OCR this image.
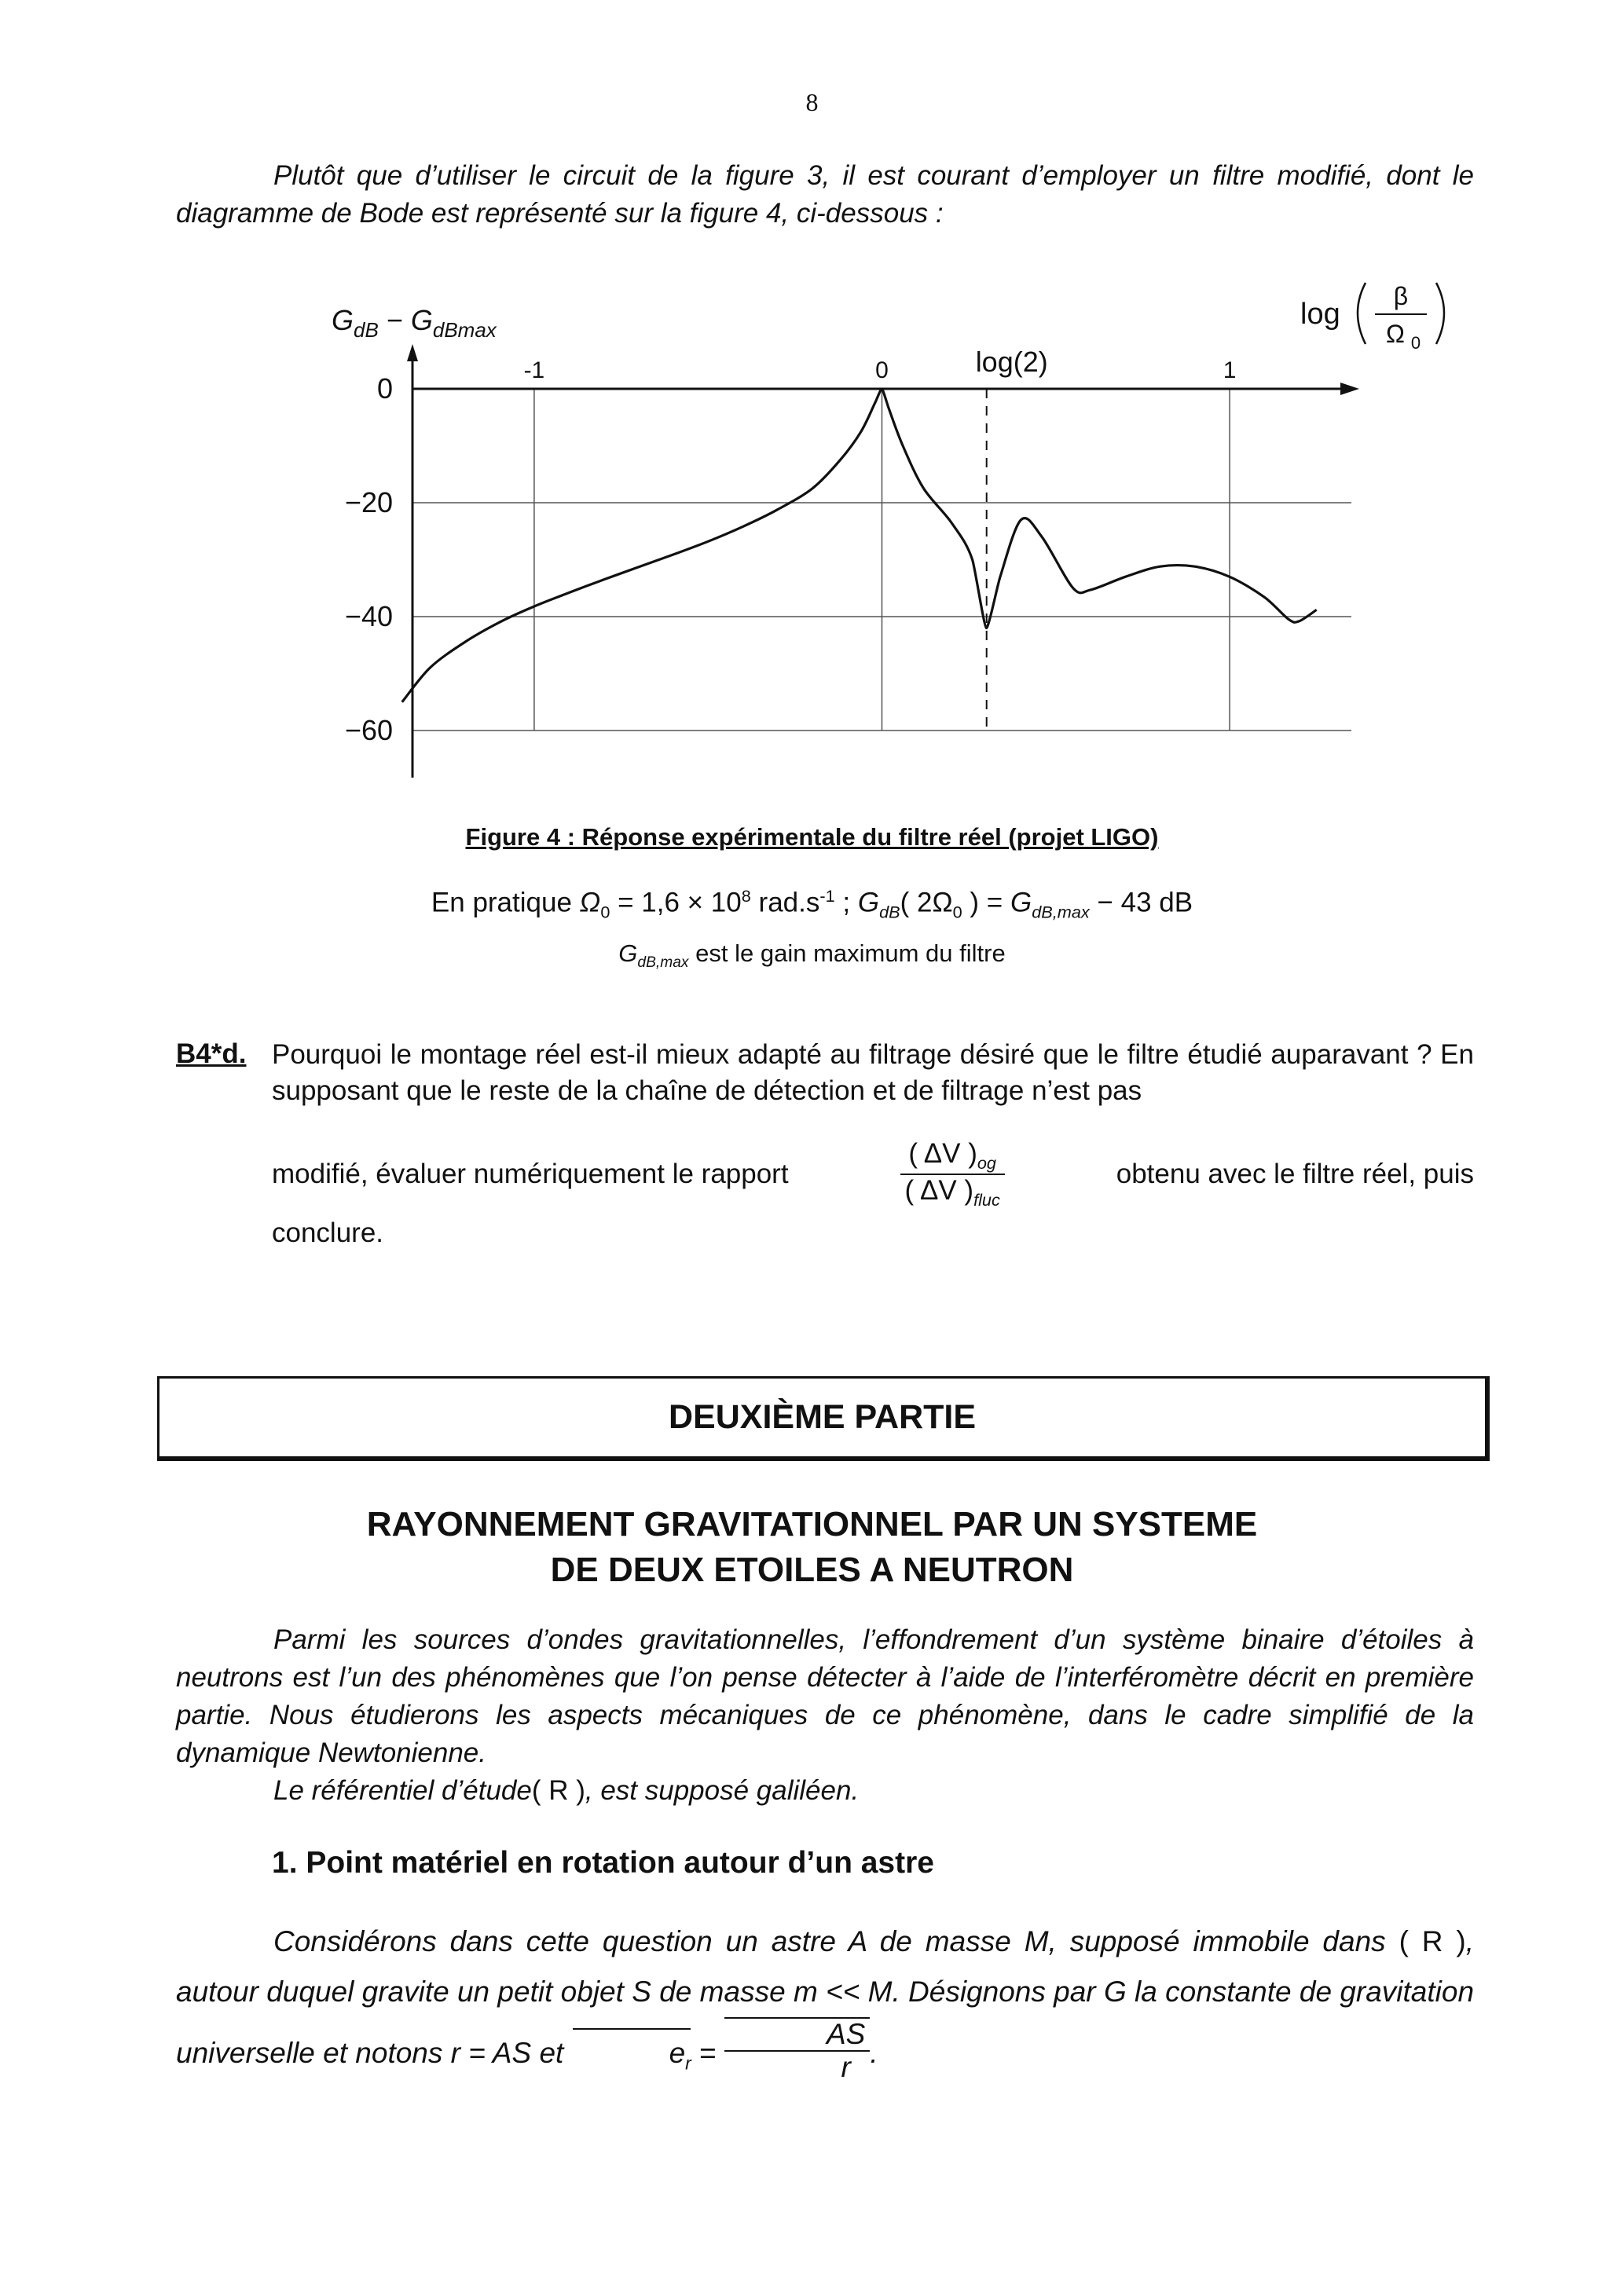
8
Plutôt que d’utiliser le circuit de la figure 3, il est courant d’employer un filtre modifié, dont le diagramme de Bode est représenté sur la figure 4, ci-dessous :
0
−20
−40
−60
-1	0	1
log(2)
$G_{dB} - G_{dBmax}$	log
β
Ω 0
Figure 4 : Réponse expérimentale du filtre réel (projet LIGO)
En pratique $\Omega_0 = 1,6 \times 10^8$ $rad.s^{-1}$ ; $G_{dB}$( $2\Omega_0$ ) = $G_{dB,max} - 43$ dB
$G_{dB,max}$ est le gain maximum du filtre
B4*d. Pourquoi le montage réel est-il mieux adapté au filtrage désiré que le filtre étudié auparavant ? En supposant que le reste de la chaîne de détection et de filtrage n’est pas
modifié, évaluer numériquement le rapport	$\frac{( \Delta V )_{og}}{( \Delta V )_{fluc}}$	obtenu avec le filtre réel, puis
conclure.
DEUXIÈME PARTIE
RAYONNEMENT GRAVITATIONNEL PAR UN SYSTEME
DE DEUX ETOILES A NEUTRON
Parmi les sources d’ondes gravitationnelles, l’effondrement d’un système binaire d’étoiles à neutrons est l’un des phénomènes que l’on pense détecter à l’aide de l’interféromètre décrit en première partie. Nous étudierons les aspects mécaniques de ce phénomène, dans le cadre simplifié de la dynamique Newtonienne.
Le référentiel d’étude( R ), est supposé galiléen.
1. Point matériel en rotation autour d’un astre
Considérons dans cette question un astre A de masse M, supposé immobile dans ( R ), autour duquel gravite un petit objet S de masse m << M. Désignons par G la constante de gravitation universelle et notons r = AS et	$e_r = \frac{AS}{r}$ .
